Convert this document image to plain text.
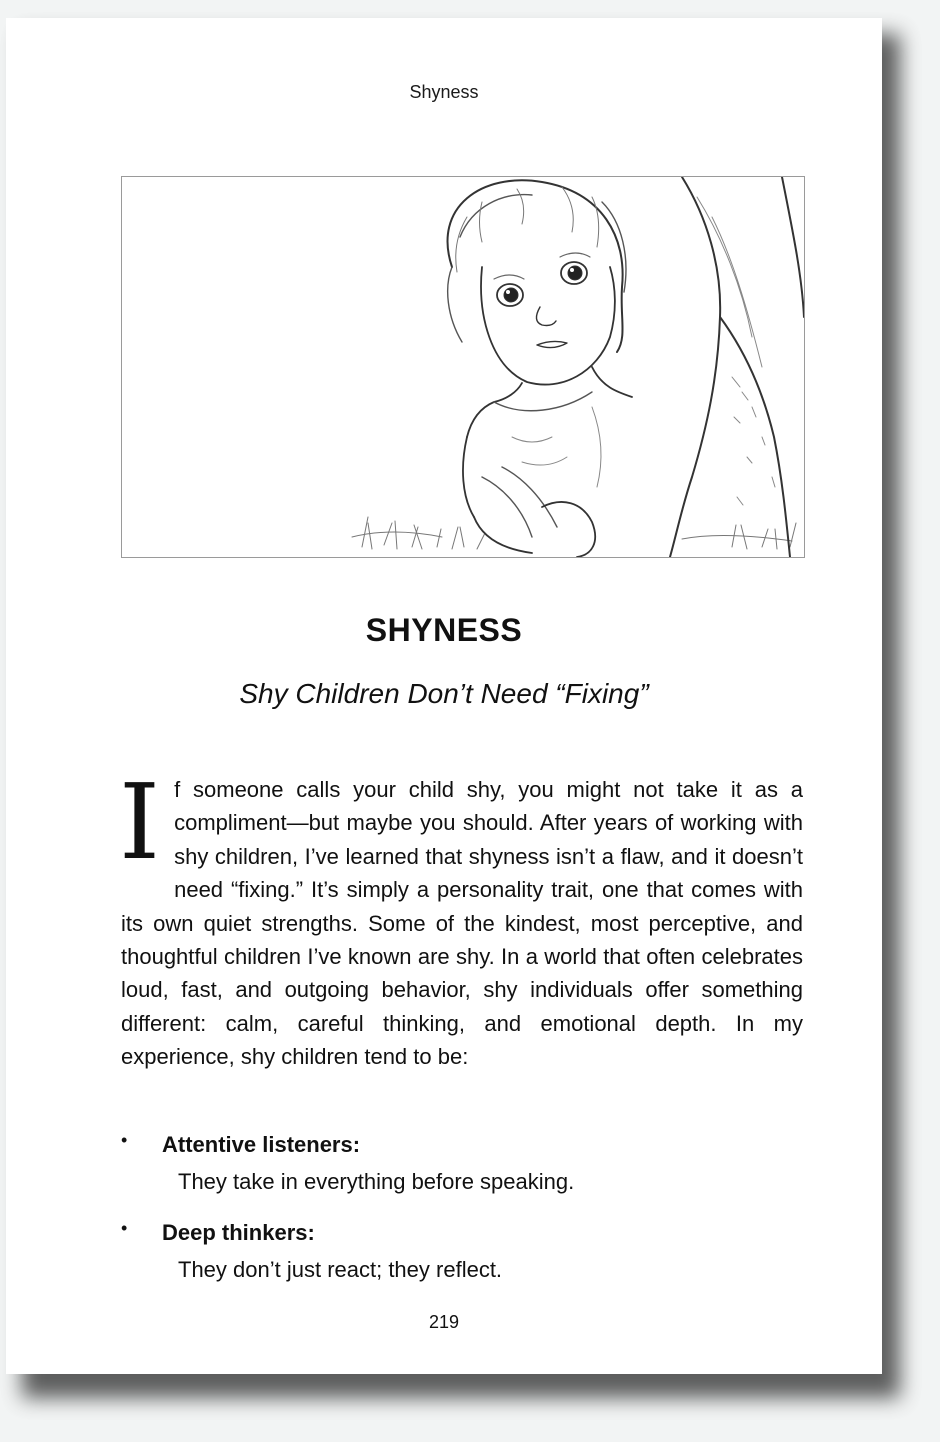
Shyness
SHYNESS
Shy Children Don’t Need “Fixing”
If someone calls your child shy, you might not take it as a compliment—but maybe you should. After years of working with shy children, I’ve learned that shyness isn’t a flaw, and it doesn’t need “fixing.” It’s simply a personality trait, one that comes with its own quiet strengths. Some of the kindest, most perceptive, and thoughtful children I’ve known are shy. In a world that often celebrates loud, fast, and outgoing behavior, shy individuals offer something different: calm, careful thinking, and emotional depth. In my experience, shy children tend to be:
• Attentive listeners:
They take in everything before speaking.
• Deep thinkers:
They don’t just react; they reflect.
219
